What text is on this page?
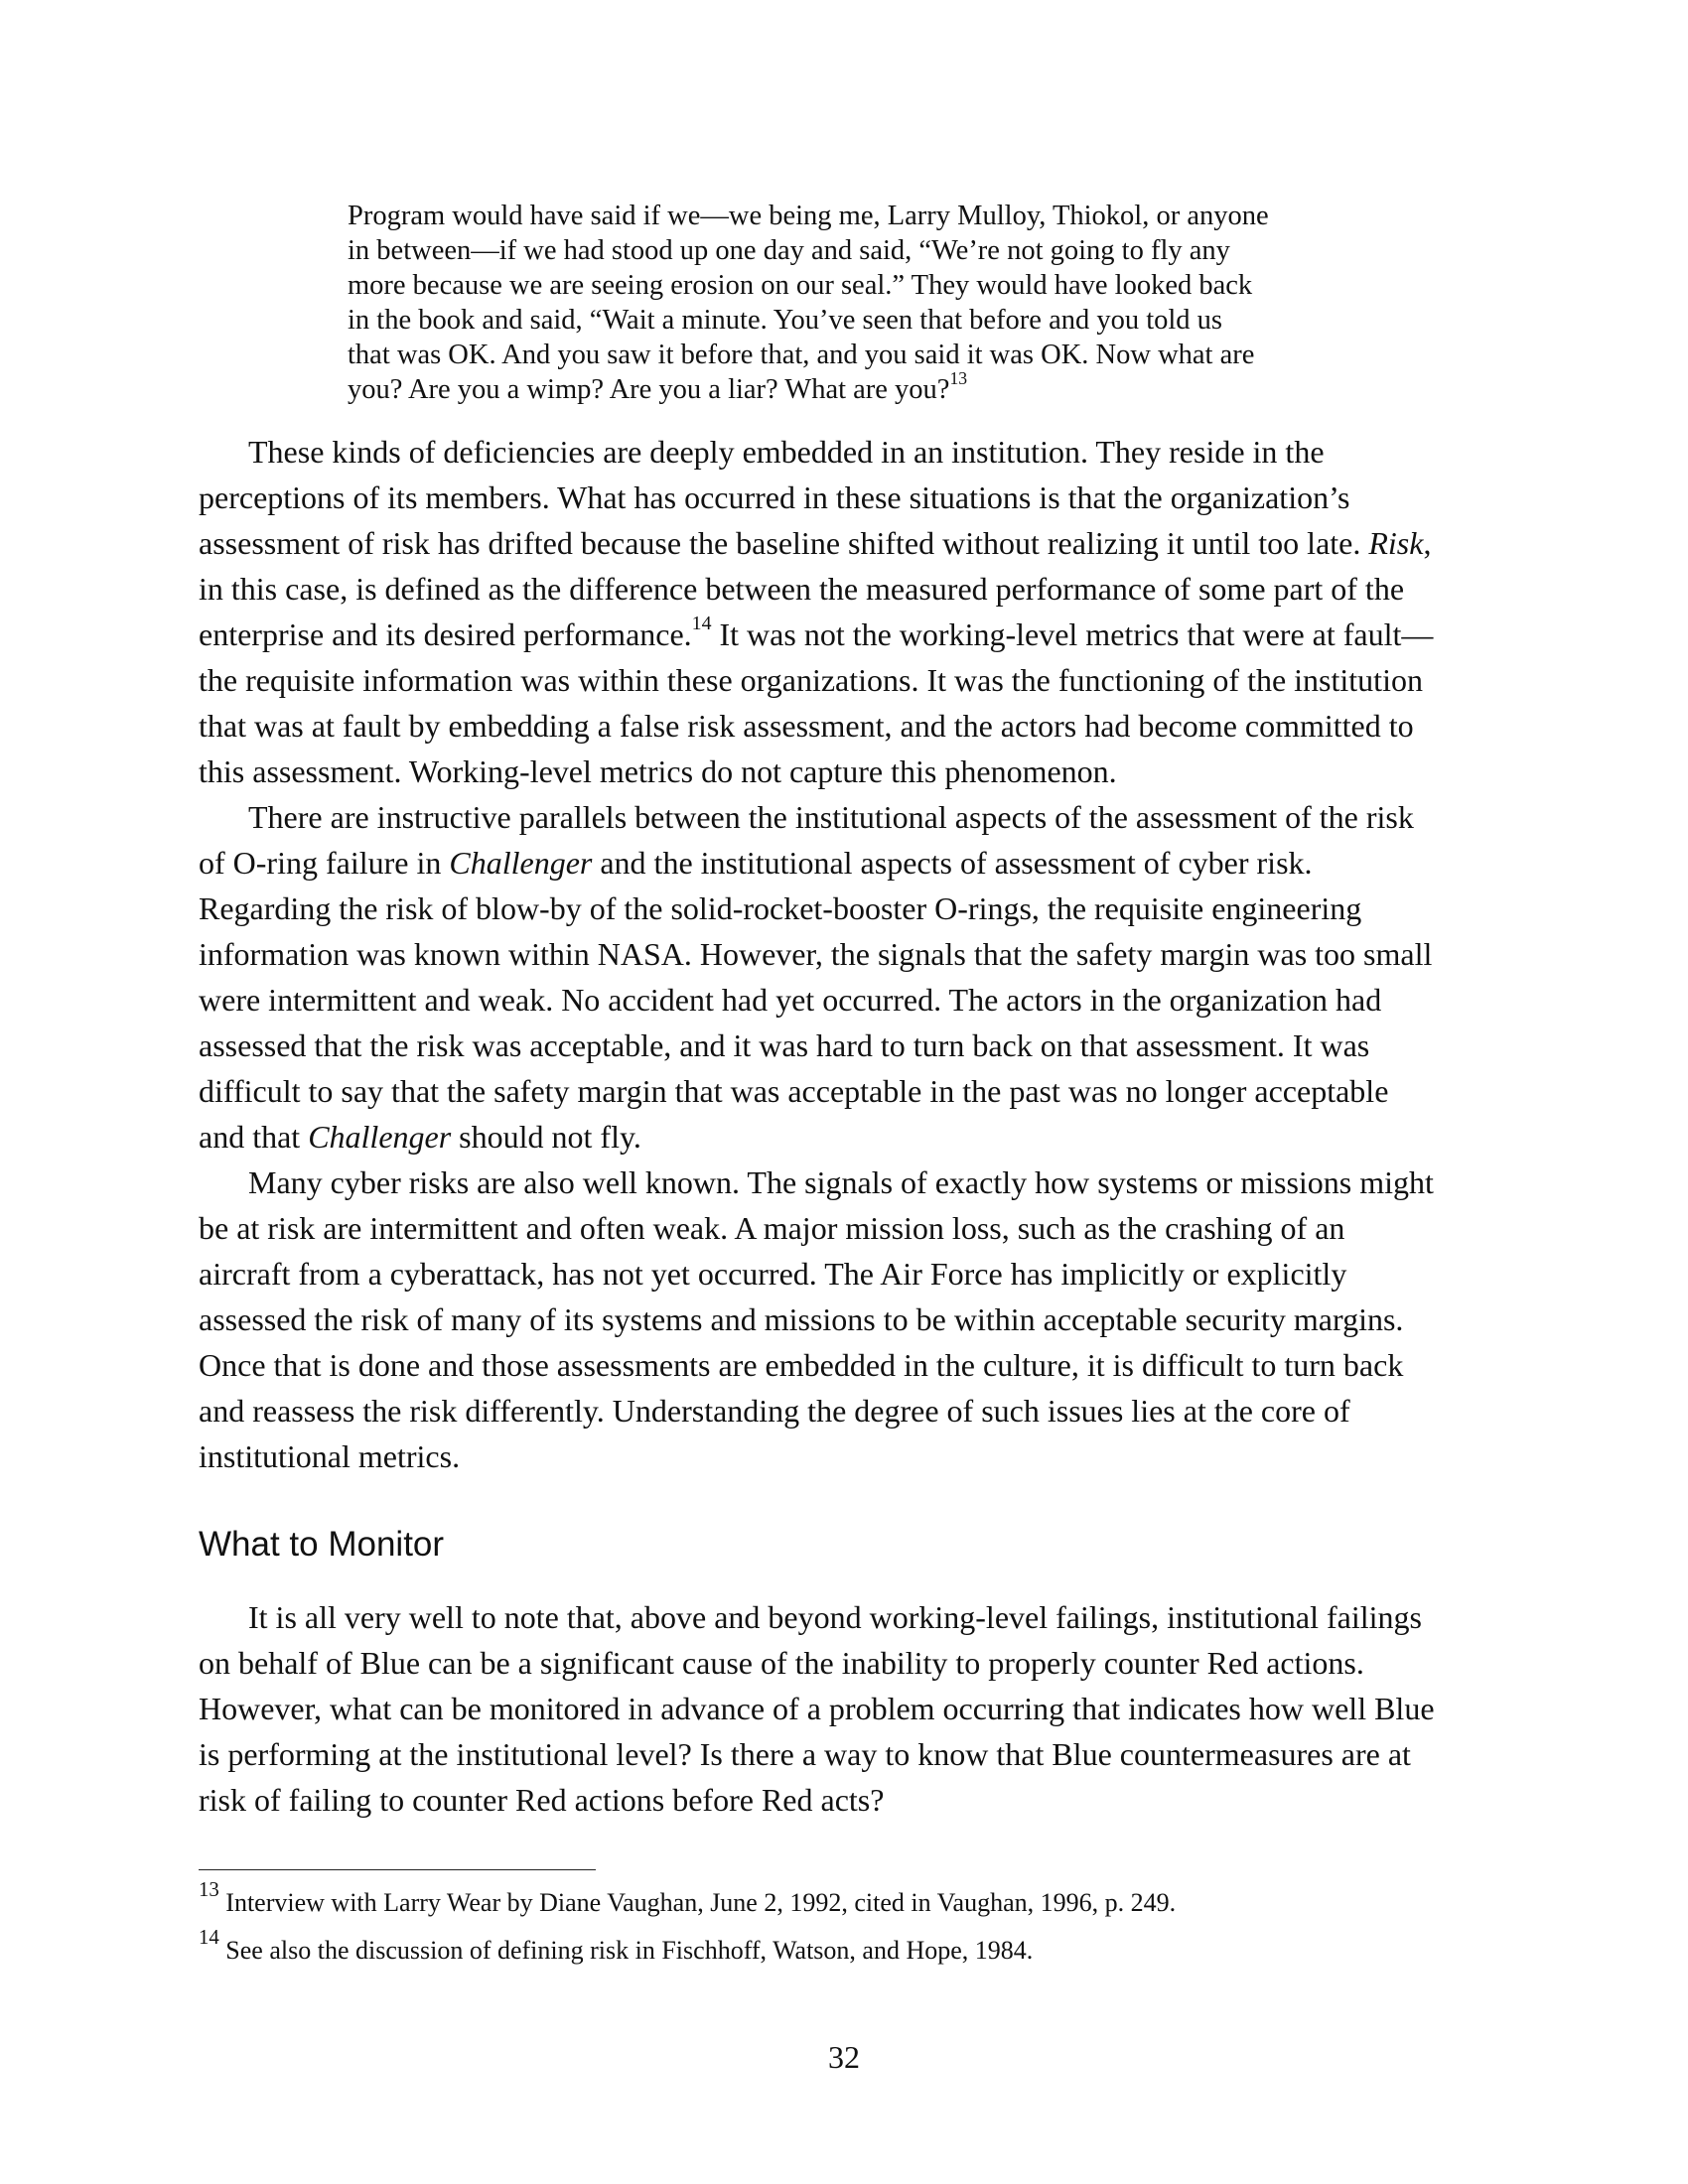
Program would have said if we—we being me, Larry Mulloy, Thiokol, or anyone
in between—if we had stood up one day and said, “We’re not going to fly any
more because we are seeing erosion on our seal.” They would have looked back
in the book and said, “Wait a minute. You’ve seen that before and you told us
that was OK. And you saw it before that, and you said it was OK. Now what are
you? Are you a wimp? Are you a liar? What are you?$^{13}$
These kinds of deficiencies are deeply embedded in an institution. They reside in the
perceptions of its members. What has occurred in these situations is that the organization’s
assessment of risk has drifted because the baseline shifted without realizing it until too late. Risk,
in this case, is defined as the difference between the measured performance of some part of the
enterprise and its desired performance.$^{14}$ It was not the working-level metrics that were at fault—
the requisite information was within these organizations. It was the functioning of the institution
that was at fault by embedding a false risk assessment, and the actors had become committed to
this assessment. Working-level metrics do not capture this phenomenon.
There are instructive parallels between the institutional aspects of the assessment of the risk
of O-ring failure in Challenger and the institutional aspects of assessment of cyber risk.
Regarding the risk of blow-by of the solid-rocket-booster O-rings, the requisite engineering
information was known within NASA. However, the signals that the safety margin was too small
were intermittent and weak. No accident had yet occurred. The actors in the organization had
assessed that the risk was acceptable, and it was hard to turn back on that assessment. It was
difficult to say that the safety margin that was acceptable in the past was no longer acceptable
and that Challenger should not fly.
Many cyber risks are also well known. The signals of exactly how systems or missions might
be at risk are intermittent and often weak. A major mission loss, such as the crashing of an
aircraft from a cyberattack, has not yet occurred. The Air Force has implicitly or explicitly
assessed the risk of many of its systems and missions to be within acceptable security margins.
Once that is done and those assessments are embedded in the culture, it is difficult to turn back
and reassess the risk differently. Understanding the degree of such issues lies at the core of
institutional metrics.
What to Monitor
It is all very well to note that, above and beyond working-level failings, institutional failings
on behalf of Blue can be a significant cause of the inability to properly counter Red actions.
However, what can be monitored in advance of a problem occurring that indicates how well Blue
is performing at the institutional level? Is there a way to know that Blue countermeasures are at
risk of failing to counter Red actions before Red acts?
$^{13}$ Interview with Larry Wear by Diane Vaughan, June 2, 1992, cited in Vaughan, 1996, p. 249.
$^{14}$ See also the discussion of defining risk in Fischhoff, Watson, and Hope, 1984.
32
